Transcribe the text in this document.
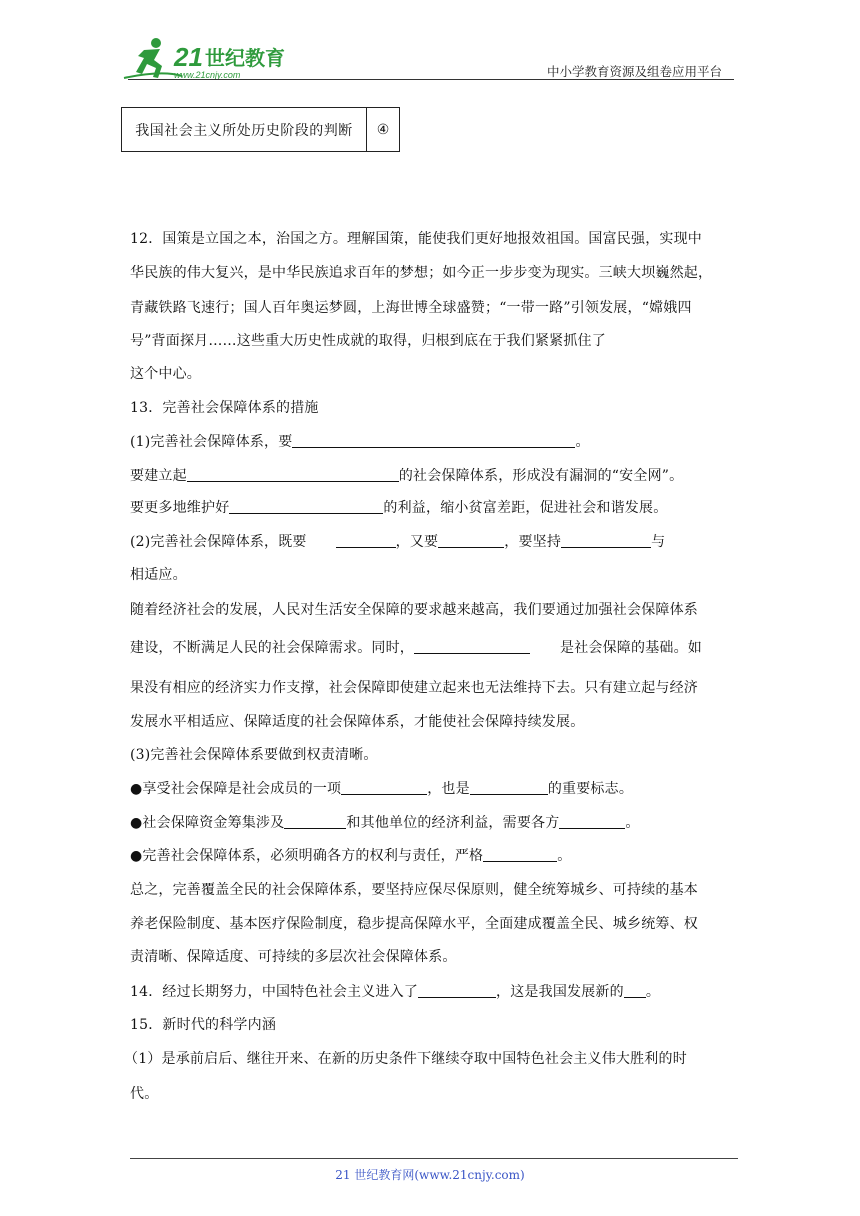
21 世纪教育
www.21cnjy.com	中小学教育资源及组卷应用平台
我国社会主义所处历史阶段的判断	④
12．国策是立国之本，治国之方。理解国策，能使我们更好地报效祖国。国富民强，实现中
华民族的伟大复兴，是中华民族追求百年的梦想；如今正一步步变为现实。三峡大坝巍然起，
青藏铁路飞速行；国人百年奥运梦圆，上海世博全球盛赞；“一带一路”引领发展，“嫦娥四
号”背面探月……这些重大历史性成就的取得，归根到底在于我们紧紧抓住了
这个中心。
13．完善社会保障体系的措施
(1)完善社会保障体系，要	。
要建立起	的社会保障体系，形成没有漏洞的“安全网”。
要更多地维护好	的利益，缩小贫富差距，促进社会和谐发展。
(2)完善社会保障体系，既要	，又要	，要坚持	与
相适应。
随着经济社会的发展，人民对生活安全保障的要求越来越高，我们要通过加强社会保障体系
建设，不断满足人民的社会保障需求。同时，	是社会保障的基础。如
果没有相应的经济实力作支撑，社会保障即使建立起来也无法维持下去。只有建立起与经济
发展水平相适应、保障适度的社会保障体系，才能使社会保障持续发展。
(3)完善社会保障体系要做到权责清晰。
●享受社会保障是社会成员的一项	，也是	的重要标志。
●社会保障资金筹集涉及	和其他单位的经济利益，需要各方	。
●完善社会保障体系，必须明确各方的权利与责任，严格	。
总之，完善覆盖全民的社会保障体系，要坚持应保尽保原则，健全统筹城乡、可持续的基本
养老保险制度、基本医疗保险制度，稳步提高保障水平，全面建成覆盖全民、城乡统筹、权
责清晰、保障适度、可持续的多层次社会保障体系。
14．经过长期努力，中国特色社会主义进入了	，这是我国发展新的 。
15．新时代的科学内涵
（1）是承前启后、继往开来、在新的历史条件下继续夺取中国特色社会主义伟大胜利的时
代。
21 世纪教育网(www.21cnjy.com)
